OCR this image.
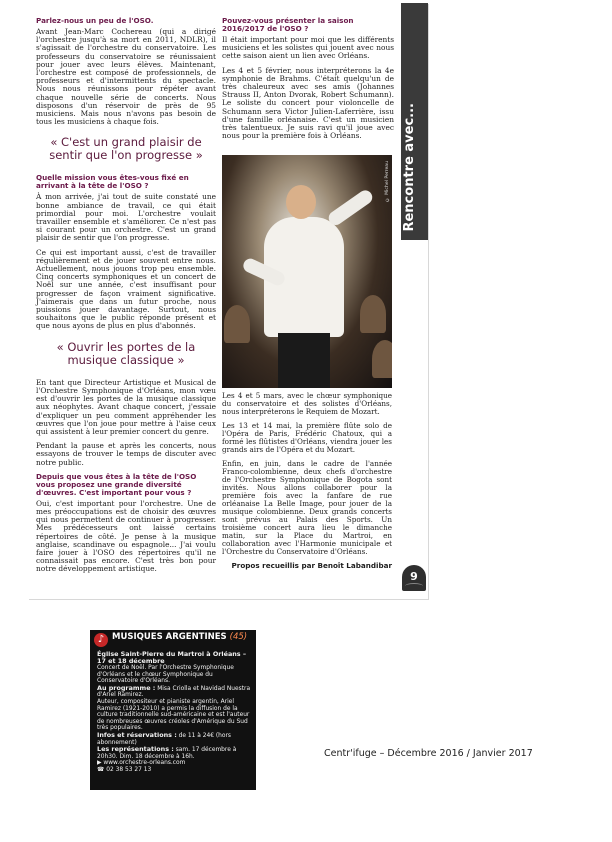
Parlez-nous un peu de l'OSO.
Avant Jean-Marc Cochereau (qui a dirigé l'orchestre jusqu'à sa mort en 2011, NDLR), il s'agissait de l'orchestre du conservatoire. Les professeurs du conservatoire se réunissaient pour jouer avec leurs élèves. Maintenant, l'orchestre est composé de professionnels, de professeurs et d'intermittents du spectacle. Nous nous réunissons pour répéter avant chaque nouvelle série de concerts. Nous disposons d'un réservoir de près de 95 musiciens. Mais nous n'avons pas besoin de tous les musiciens à chaque fois.
« C'est un grand plaisir de sentir que l'on progresse »
Quelle mission vous êtes-vous fixé en arrivant à la tête de l'OSO ?
À mon arrivée, j'ai tout de suite constaté une bonne ambiance de travail, ce qui était primordial pour moi. L'orchestre voulait travailler ensemble et s'améliorer. Ce n'est pas si courant pour un orchestre. C'est un grand plaisir de sentir que l'on progresse.
Ce qui est important aussi, c'est de travailler régulièrement et de jouer souvent entre nous. Actuellement, nous jouons trop peu ensemble. Cinq concerts symphoniques et un concert de Noël sur une année, c'est insuffisant pour progresser de façon vraiment significative. J'aimerais que dans un futur proche, nous puissions jouer davantage. Surtout, nous souhaitons que le public réponde présent et que nous ayons de plus en plus d'abonnés.
« Ouvrir les portes de la musique classique »
En tant que Directeur Artistique et Musical de l'Orchestre Symphonique d'Orléans, mon vœu est d'ouvrir les portes de la musique classique aux néophytes. Avant chaque concert, j'essaie d'expliquer un peu comment appréhender les œuvres que l'on joue pour mettre à l'aise ceux qui assistent à leur premier concert du genre.
Pendant la pause et après les concerts, nous essayons de trouver le temps de discuter avec notre public.
Depuis que vous êtes à la tête de l'OSO vous proposez une grande diversité d'œuvres. C'est important pour vous ?
Oui, c'est important pour l'orchestre. Une de mes préoccupations est de choisir des œuvres qui nous permettent de continuer à progresser. Mes prédécesseurs ont laissé certains répertoires de côté. Je pense à la musique anglaise, scandinave ou espagnole... J'ai voulu faire jouer à l'OSO des répertoires qu'il ne connaissait pas encore. C'est très bon pour notre développement artistique.
Pouvez-vous présenter la saison 2016/2017 de l'OSO ?
Il était important pour moi que les différents musiciens et les solistes qui jouent avec nous cette saison aient un lien avec Orléans.
Les 4 et 5 février, nous interpréterons la 4e symphonie de Brahms. C'était quelqu'un de très chaleureux avec ses amis (Johannes Strauss II, Anton Dvorak, Robert Schumann). Le soliste du concert pour violoncelle de Schumann sera Victor Julien-Laferrière, issu d'une famille orléanaise. C'est un musicien très talentueux. Je suis ravi qu'il joue avec nous pour la première fois à Orléans.
© Michel Perreau
Les 4 et 5 mars, avec le chœur symphonique du conservatoire et des solistes d'Orléans, nous interpréterons le Requiem de Mozart.
Les 13 et 14 mai, la première flûte solo de l'Opéra de Paris, Frédéric Chatoux, qui a formé les flûtistes d'Orléans, viendra jouer les grands airs de l'Opéra et du Mozart.
Enfin, en juin, dans le cadre de l'année Franco-colombienne, deux chefs d'orchestre de l'Orchestre Symphonique de Bogota sont invités. Nous allons collaborer pour la première fois avec la fanfare de rue orléanaise La Belle Image, pour jouer de la musique colombienne. Deux grands concerts sont prévus au Palais des Sports. Un troisième concert aura lieu le dimanche matin, sur la Place du Martroi, en collaboration avec l'Harmonie municipale et l'Orchestre du Conservatoire d'Orléans.
Propos recueillis par Benoît Labandibar
Rencontre avec...
9
♪ MUSIQUES ARGENTINES (45)

Église Saint-Pierre du Martroi à Orléans – 17 et 18 décembre

Concert de Noël. Par l'Orchestre Symphonique d'Orléans et le chœur Symphonique du Conservatoire d'Orléans.

Au programme : Misa Criolla et Navidad Nuestra d'Ariel Ramirez.

Auteur, compositeur et pianiste argentin, Ariel Ramirez (1921-2010) a permis la diffusion de la culture traditionnelle sud-américaine et est l'auteur de nombreuses œuvres créoles d'Amérique du Sud très populaires.

Infos et réservations : de 11 à 24€ (hors abonnement)

Les représentations : sam. 17 décembre à 20h30. Dim. 18 décembre à 16h.

▶ www.orchestre-orleans.com

☎ 02 38 53 27 13

Centr'ifuge – Décembre 2016 / Janvier 2017
